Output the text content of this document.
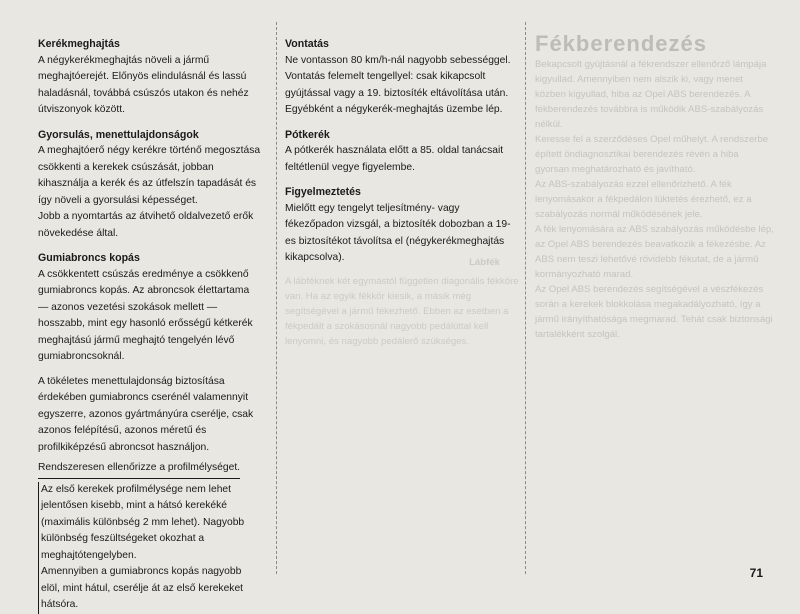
Kerékmeghajtás

A négykerékmeghajtás növeli a jármű meghajtóerejét. Előnyös elindulásnál és lassú haladásnál, továbbá csúszós utakon és nehéz útviszonyok között.

Gyorsulás, menettulajdonságok

A meghajtóerő négy kerékre történő megosztása csökkenti a kerekek csúszását, jobban kihasználja a kerék és az útfelszín tapadását és így növeli a gyorsulási képességet.
Jobb a nyomtartás az átvihető oldalvezető erők növekedése által.

Gumiabroncs kopás

A csökkentett csúszás eredménye a csökkenő gumiabroncs kopás. Az abroncsok élettartama — azonos vezetési szokások mellett — hosszabb, mint egy hasonló erősségű kétkerék meghajtású jármű meghajtó tengelyén lévő gumiabroncsoknál.

A tökéletes menettulajdonság biztosítása érdekében gumiabroncs cserénél valamennyit egyszerre, azonos gyártmányúra cserélje, csak azonos felépítésű, azonos méretű és profilkiképzésű abroncsot használjon.

Rendszeresen ellenőrizze a profilmélységet.

Az első kerekek profilmélysége nem lehet jelentősen kisebb, mint a hátsó kerekéké (maximális különbség 2 mm lehet). Nagyobb különbség feszültségeket okozhat a meghajtótengelyben.
Amennyiben a gumiabroncs kopás nagyobb elöl, mint hátul, cserélje át az első kerekeket hátsóra.

Vontatás

Ne vontasson 80 km/h-nál nagyobb sebességgel.
Vontatás felemelt tengellyel: csak kikapcsolt gyújtással vagy a 19. biztosíték eltávolítása után. Egyébként a négykerék-meghajtás üzembe lép.

Pótkerék

A pótkerék használata előtt a 85. oldal tanácsait feltétlenül vegye figyelembe.

Figyelmeztetés

Mielőtt egy tengelyt teljesítmény- vagy fékezőpadon vizsgál, a biztosíték dobozban a 19-es biztosítékot távolítsa el (négykerékmeghajtás kikapcsolva).	Lábfék

A lábféknek két egymástól független diagonális fékköre van. Ha az egyik fékkör kiesik, a másik még segítségével a jármű fékezhető. Ebben az esetben a fékpedált a szokásosnál nagyobb pedálúttal kell lenyomni, és nagyobb pedálerő szükséges.

Fékberendezés

Bekapcsolt gyújtásnál a fékrendszer ellenőrző lámpája kigyullad. Amennyiben nem alszik ki, vagy menet közben kigyullad, hiba az Opel ABS berendezés. A fékberendezés továbbra is működik ABS-szabályozás nélkül.
Keresse fel a szerződéses Opel műhelyt. A rendszerbe épített öndiagnosztikai berendezés révén a hiba gyorsan meghatározható és javítható.
Az ABS-szabályozás ezzel ellenőrizhető. A fék lenyomásakor a fékpedálon lüktetés érezhető, ez a szabályozás normál működésének jele.
A fék lenyomására az ABS szabályozás működésbe lép, az Opel ABS berendezés beavatkozik a fékezésbe. Az ABS nem teszi lehetővé rövidebb fékutat, de a jármű kormányozható marad.
Az Opel ABS berendezés segítségével a vészfékezés során a kerekek blokkolása megakadályozható, így a jármű irányíthatósága megmarad. Tehát csak biztonsági tartalékként szolgál.

71
